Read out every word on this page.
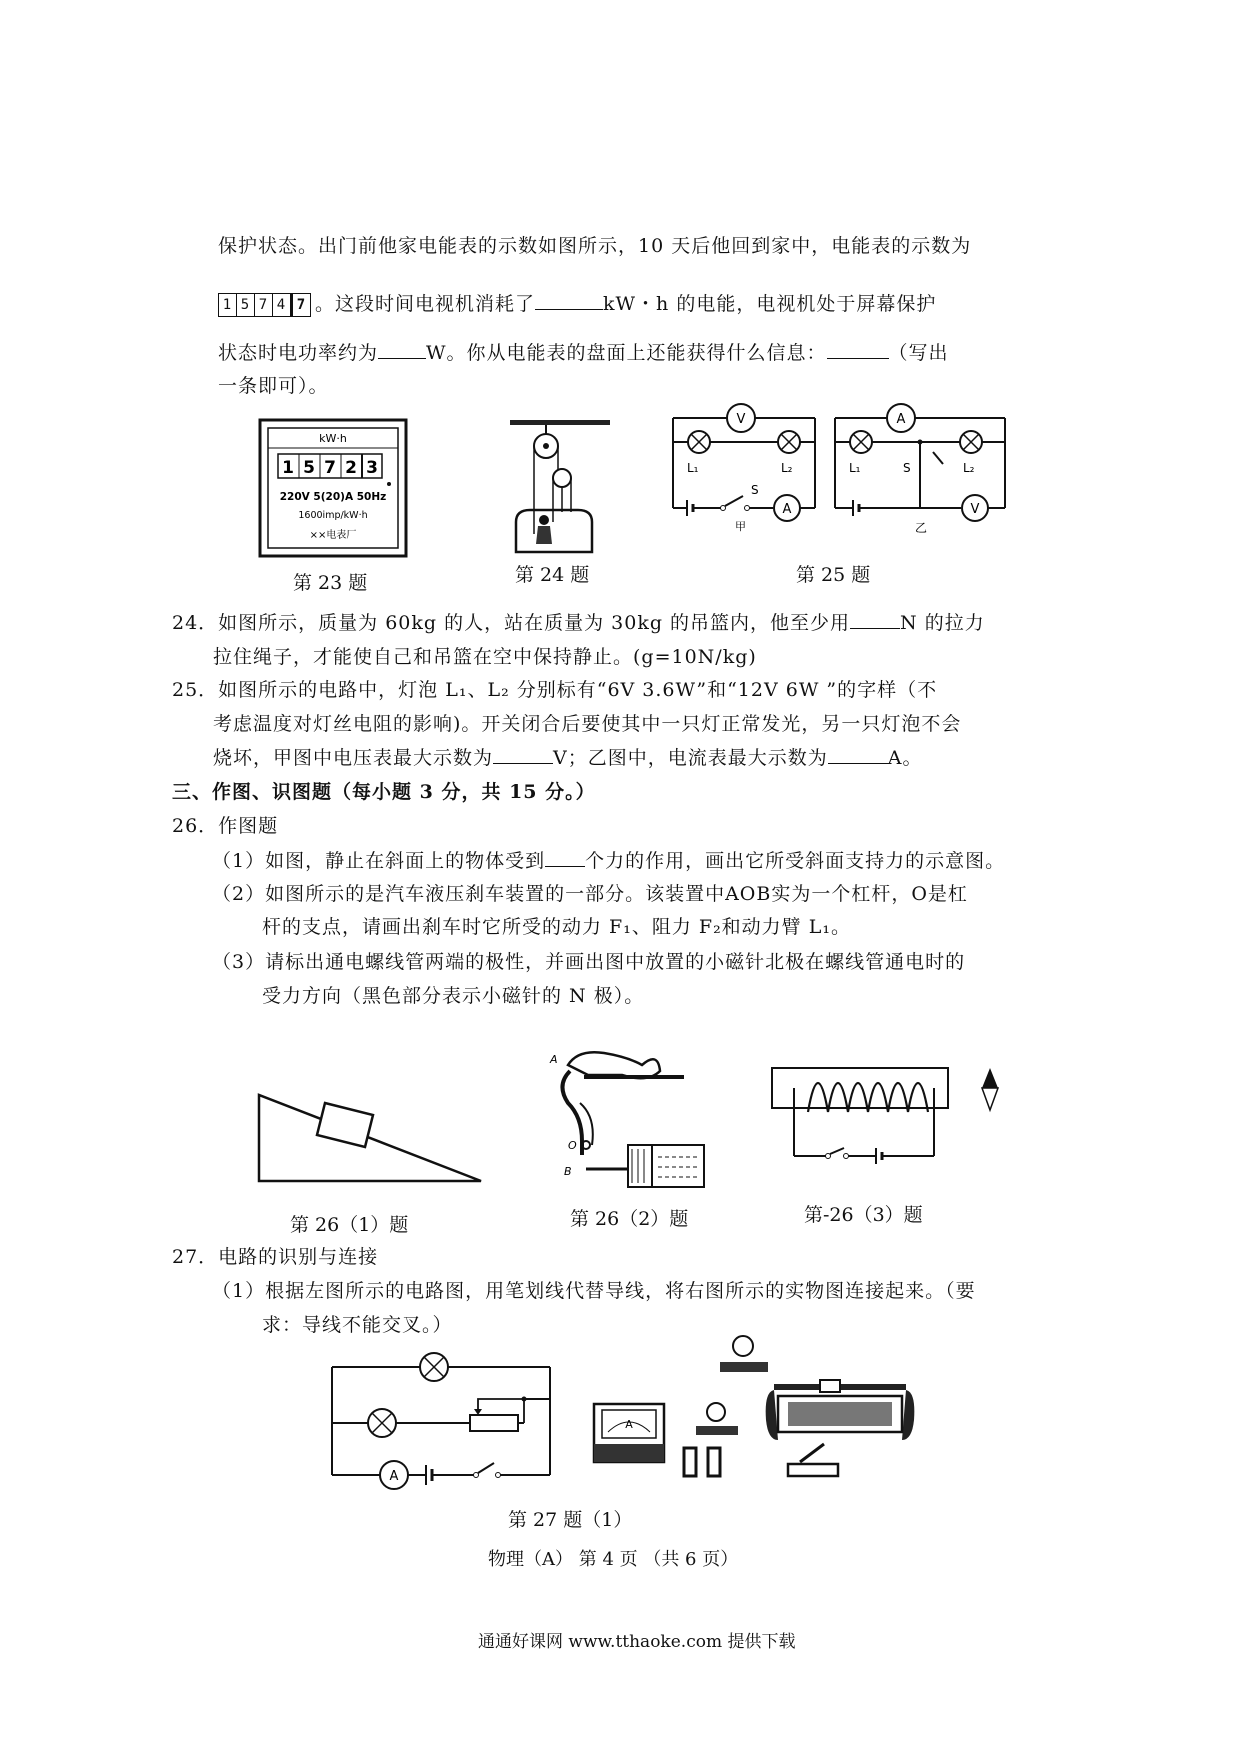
保护状态。出门前他家电能表的示数如图所示，10 天后他回到家中，电能表的示数为
1 5 7 4 7 。这段时间电视机消耗了	kW・h 的电能，电视机处于屏幕保护
状态时电功率约为	W。你从电能表的盘面上还能获得什么信息：	（写出
一条即可）。
kW·h
1 5 7 2 3
220V 5(20)A 50Hz
1600imp/kW·h
××电表厂
V
L₁	L₂
S
A
甲
A
L₁	L₂
S
V
乙
第 23 题	第 24 题	第 25 题
24．如图所示，质量为 60kg 的人，站在质量为 30kg 的吊篮内，他至少用	N 的拉力
拉住绳子，才能使自己和吊篮在空中保持静止。(g=10N/kg)
25．如图所示的电路中，灯泡 L₁、L₂ 分别标有“6V 3.6W”和“12V 6W ”的字样（不
考虑温度对灯丝电阻的影响)。开关闭合后要使其中一只灯正常发光，另一只灯泡不会
烧坏，甲图中电压表最大示数为	V；乙图中，电流表最大示数为	A。
三、作图、识图题（每小题 3 分，共 15 分。）
26．作图题
（1）如图，静止在斜面上的物体受到 个力的作用，画出它所受斜面支持力的示意图。
（2）如图所示的是汽车液压刹车装置的一部分。该装置中AOB实为一个杠杆，O是杠
杆的支点，请画出刹车时它所受的动力 F₁、阻力 F₂和动力臂 L₁。
（3）请标出通电螺线管两端的极性，并画出图中放置的小磁针北极在螺线管通电时的
受力方向（黑色部分表示小磁针的 N 极）。
A
O
B
第 26（1）题	第 26（2）题	第-26（3）题
27．电路的识别与连接
（1）根据左图所示的电路图，用笔划线代替导线，将右图所示的实物图连接起来。（要
求：导线不能交叉。）
A
A
第 27 题（1）
物理（A） 第 4 页 （共 6 页）
通通好课网 www.tthaoke.com 提供下载
